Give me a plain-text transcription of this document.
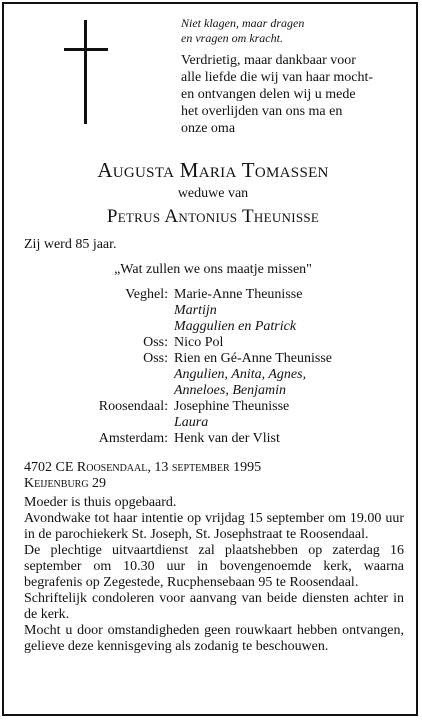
Niet klagen, maar dragen
en vragen om kracht.
Verdrietig, maar dankbaar voor
alle liefde die wij van haar mocht-
en ontvangen delen wij u mede
het overlijden van ons ma en
onze oma
Augusta Maria Tomassen
weduwe van
Petrus Antonius Theunisse
Zij werd 85 jaar.
„Wat zullen we ons maatje missen"
Veghel: Marie-Anne Theunisse
Martijn
Maggulien en Patrick
Oss: Nico Pol
Oss: Rien en Gé-Anne Theunisse
Angulien, Anita, Agnes,
Anneloes, Benjamin
Roosendaal: Josephine Theunisse
Laura
Amsterdam: Henk van der Vlist
4702 CE Roosendaal, 13 september 1995
Keijenburg 29

Moeder is thuis opgebaard.

Avondwake tot haar intentie op vrijdag 15 september om 19.00 uur in de parochiekerk St. Joseph, St. Josephstraat te Roosendaal.

De plechtige uitvaartdienst zal plaatshebben op zaterdag 16 september om 10.30 uur in bovengenoemde kerk, waarna begrafenis op Zegestede, Rucphensebaan 95 te Roosendaal.

Schriftelijk condoleren voor aanvang van beide diensten achter in de kerk.

Mocht u door omstandigheden geen rouwkaart hebben ontvangen, gelieve deze kennisgeving als zodanig te beschouwen.
